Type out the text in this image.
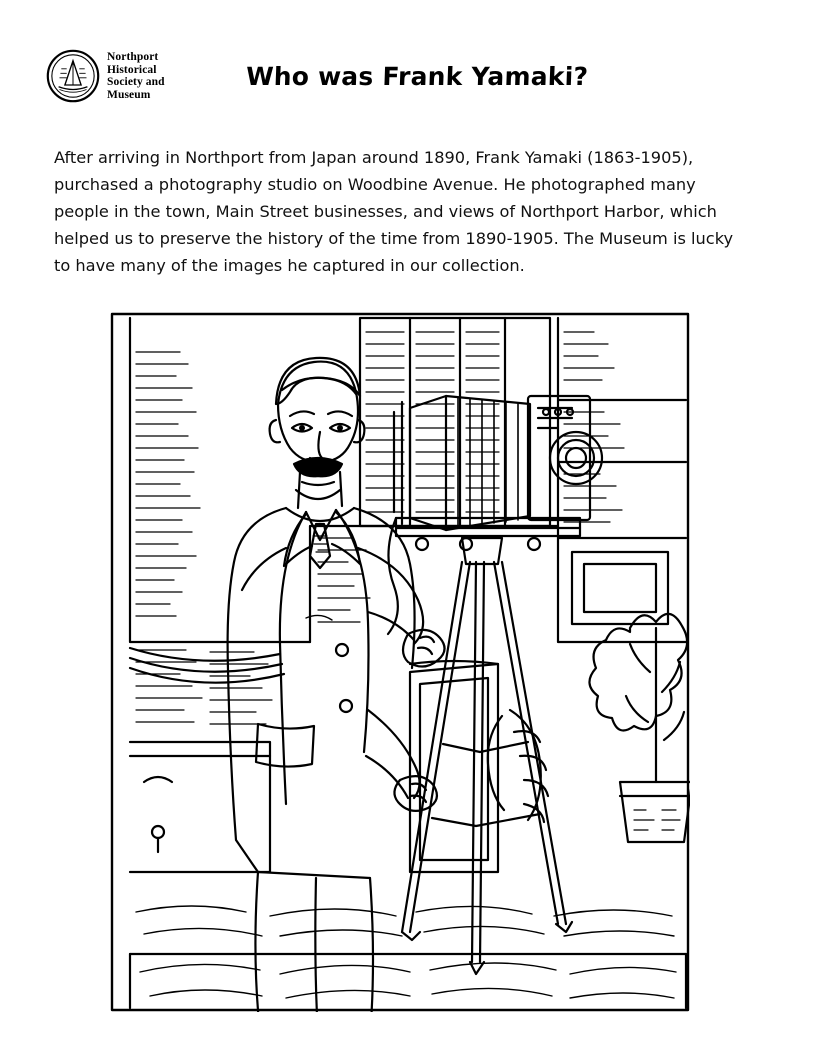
Northport
Historical
Society and
Museum
Who was Frank Yamaki?

After arriving in Northport from Japan around 1890, Frank Yamaki (1863-1905), purchased a photography studio on Woodbine Avenue. He photographed many people in the town, Main Street businesses, and views of Northport Harbor, which helped us to preserve the history of the time from 1890-1905. The Museum is lucky to have many of the images he captured in our collection.
